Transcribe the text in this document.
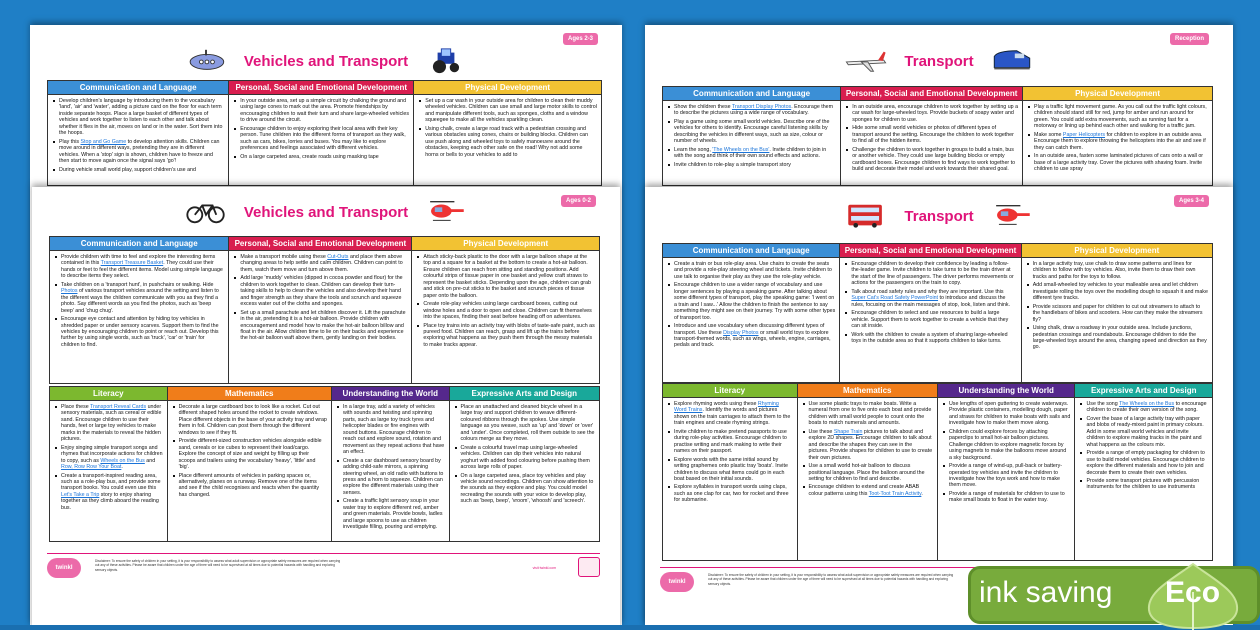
Ages 2-3
Vehicles and Transport
Communication and Language
Develop children's language by introducing them to the vocabulary 'land', 'air' and 'water', adding a picture card on the floor for each term inside separate hoops. Place a large basket of different types of vehicles and work together to listen to each other and talk about whether it flies in the air, moves on land or in the water. Sort them into the hoops.
Play this Stop and Go Game to develop attention skills. Children can move around in different ways, pretending they are in different vehicles. When a 'stop' sign is shown, children have to freeze and then start to move again once the signal says 'go'!
During vehicle small world play, support children's use and
Personal, Social and Emotional Development
In your outside area, set up a simple circuit by chalking the ground and using large cones to mark out the area. Promote friendships by encouraging children to wait their turn and share large-wheeled vehicles to drive around the circuit.
Encourage children to enjoy exploring their local area with their key person. Tune children into the different forms of transport as they walk, such as cars, bikes, lorries and buses. You may like to explore preferences and feelings associated with different vehicles.
On a large carpeted area, create roads using masking tape
Physical Development
Set up a car wash in your outside area for children to clean their muddy wheeled vehicles. Children can use small and large motor skills to control and manipulate different tools, such as sponges, cloths and a window squeegee to make all the vehicles sparkling clean.
Using chalk, create a large road track with a pedestrian crossing and various obstacles using cones, chairs or building blocks. Children can use push along and wheeled toys to safely manoeuvre around the obstacles, keeping each other safe on the road! Why not add some horns or bells to your vehicles to add to
Ages 0-2
Vehicles and Transport
Communication and Language
Provide children with time to feel and explore the interesting items contained in this Transport Treasure Basket. They could use their hands or feet to feel the different items. Model using simple language to describe items they select.
Take children on a 'transport hunt', in pushchairs or walking. Hide Photos of various transport vehicles around the setting and listen to the different ways the children communicate with you as they find a photo. Say different words as you find the photos, such as 'beep beep' and 'chug chug'.
Encourage eye contact and attention by hiding toy vehicles in shredded paper or under sensory scarves. Support them to find the vehicles by encouraging children to point or reach out. Develop this further by using single words, such as 'truck', 'car' or 'train' for children to find.
Personal, Social and Emotional Development
Make a transport mobile using these Cut-Outs and place them above changing areas to help settle and calm children. Children can point to them, watch them move and turn above them.
Add large 'muddy' vehicles (dipped in cocoa powder and flour) for the children to work together to clean. Children can develop their turn-taking skills to help to clean the vehicles and also develop their hand and finger strength as they share the tools and scrunch and squeeze excess water out of the cloths and sponges.
Set up a small parachute and let children discover it. Lift the parachute in the air, pretending it is a hot-air balloon. Provide children with encouragement and model how to make the hot-air balloon billow and float in the air. Allow children time to lie on their backs and experience the hot-air balloon waft above them, gently landing on their bodies.
Physical Development
Attach sticky-back plastic to the door with a large balloon shape at the top and a square for a basket at the bottom to create a hot-air balloon. Ensure children can reach from sitting and standing positions. Add colourful strips of tissue paper in one basket and yellow craft straws to represent the basket sticks. Depending upon the age, children can grab and stick on pre-cut sticks to the basket and scrunch pieces of tissue paper onto the balloon.
Create role-play vehicles using large cardboard boxes, cutting out window holes and a door to open and close. Children can fit themselves into the spaces, finding their seat before heading off on adventures.
Place toy trains into an activity tray with blobs of taste-safe paint, such as pureed food. Children can reach, grasp and lift up the trains before exploring what happens as they push them through the messy materials to make tracks appear.
Literacy
Place these Transport Reveal Cards under sensory materials, such as cereal or edible sand. Encourage children to use their hands, feet or large toy vehicles to make marks in the materials to reveal the hidden pictures.
Enjoy singing simple transport songs and rhymes that incorporate actions for children to copy, such as Wheels on the Bus and Row, Row Row Your Boat.
Create a transport-inspired reading area, such as a role-play bus, and provide some transport books. You could even use this Let's Take a Trip story to enjoy sharing together as they climb aboard the reading bus.
Mathematics
Decorate a large cardboard box to look like a rocket. Cut out different shaped holes around the rocket to create windows. Place different objects in the base of your activity tray and wrap them in foil. Children can post them through the different windows to see if they fit.
Provide different-sized construction vehicles alongside edible sand, cereals or ice cubes to represent their load/cargo. Explore the concept of size and weight by filling up their scoops and trailers using the vocabulary 'heavy', 'little' and 'big'.
Place different amounts of vehicles in parking spaces or, alternatively, planes on a runway. Remove one of the items and see if the child recognises and reacts when the quantity has changed.
Understanding the World
In a large tray, add a variety of vehicles with sounds and twisting and spinning parts, such as large toy truck tyres and helicopter blades or fire engines with sound buttons. Encourage children to reach out and explore sound, rotation and movement as they repeat actions that have an effect.
Create a car dashboard sensory board by adding child-safe mirrors, a spinning steering wheel, an old radio with buttons to press and a horn to squeeze. Children can explore the different materials using their senses.
Create a traffic light sensory soup in your water tray to explore different red, amber and green materials. Provide bowls, ladles and large spoons to use as children investigate filling, pouring and emptying.
Expressive Arts and Design
Place an unattached and cleaned bicycle wheel in a large tray and support children to weave different-coloured ribbons through the spokes. Use simple language as you weave, such as 'up' and 'down' or 'over' and 'under'. Once completed, roll them outside to see the colours merge as they move.
Create a colourful travel map using large-wheeled vehicles. Children can dip their vehicles into natural yoghurt with added food colouring before pushing them across large rolls of paper.
On a large carpeted area, place toy vehicles and play vehicle sound recordings. Children can show attention to the sounds as they explore and play. You could model recreating the sounds with your voice to develop play, such as 'beep, beep', 'vroom', 'whoosh' and 'screech'.
twinkl foundation
Disclaimer: To ensure the safety of children in your setting, it is your responsibility to assess what adult supervision or appropriate safety measures are required when carrying out any of these activities. Please be aware that children under the age of three will need to be supervised at all times due to potential hazards with handling and exploring sensory objects.	visit twinkl.com
Reception
Transport
Communication and Language
Show the children these Transport Display Photos. Encourage them to describe the pictures using a wide range of vocabulary.
Play a game using some small world vehicles. Describe one of the vehicles for others to identify. Encourage careful listening skills by describing the vehicles in different ways, such as size, colour or number of wheels.
Learn the song, 'The Wheels on the Bus'. Invite children to join in with the song and think of their own sound effects and actions.
Invite children to role-play a simple transport story
Personal, Social and Emotional Development
In an outside area, encourage children to work together by setting up a car wash for large-wheeled toys. Provide buckets of soapy water and sponges for children to use.
Hide some small world vehicles or photos of different types of transport around the setting. Encourage the children to work together to find all of the hidden items.
Challenge the children to work together in groups to build a train, bus or another vehicle. They could use large building blocks or empty cardboard boxes. Encourage children to find ways to work together to build and decorate their model and work towards their shared goal.
Physical Development
Play a traffic light movement game. As you call out the traffic light colours, children should stand still for red, jump for amber and run around for green. You could add extra movements, such as running fast for a motorway or lining up behind each other and walking for a traffic jam.
Make some Paper Helicopters for children to explore in an outside area. Encourage them to explore throwing the helicopters into the air and see if they can catch them.
In an outside area, fasten some laminated pictures of cars onto a wall or base of a large activity tray. Cover the pictures with shaving foam. Invite children to use spray
Ages 3-4
Transport
Communication and Language
Create a train or bus role-play area. Use chairs to create the seats and provide a role-play steering wheel and tickets. Invite children to use talk to organise their play as they use the role-play vehicle.
Encourage children to use a wider range of vocabulary and use longer sentences by playing a speaking game. After talking about some different types of transport, play the speaking game: 'I went on a train and I saw...' Allow the children to finish the sentence to say something they might see on their journey. Try with some other types of transport too.
Introduce and use vocabulary when discussing different types of transport. Use these Display Photos or small world toys to explore transport-themed words, such as wings, wheels, engine, carriages, pedals and track.
Personal, Social and Emotional Development
Encourage children to develop their confidence by leading a follow-the-leader game. Invite children to take turns to be the train driver at the start of the line of passengers. The driver performs movements or actions for the passengers on the train to copy.
Talk about road safety rules and why they are important. Use this Super Cat's Road Safety PowerPoint to introduce and discuss the rules, focusing on the main messages of stop, look, listen and think.
Encourage children to select and use resources to build a large vehicle. Support them to work together to create a vehicle that they can sit inside.
Work with the children to create a system of sharing large-wheeled toys in the outside area so that it supports children to take turns.
Physical Development
In a large activity tray, use chalk to draw some patterns and lines for children to follow with toy vehicles. Also, invite them to draw their own tracks and paths for the toys to follow.
Add small-wheeled toy vehicles to your malleable area and let children investigate rolling the toys over the modelling dough to squash it and make different tyre tracks.
Provide scissors and paper for children to cut out streamers to attach to the handlebars of bikes and scooters. How can they make the streamers fly?
Using chalk, draw a roadway in your outside area. Include junctions, pedestrian crossings and roundabouts. Encourage children to ride the large-wheeled toys around the area, changing speed and direction as they go.
Literacy
Explore rhyming words using these Rhyming Word Trains. Identify the words and pictures shown on the train carriages to attach them to the train engines and create rhyming strings.
Invite children to make pretend passports to use during role-play activities. Encourage children to practise writing and mark making to write their names on their passport.
Explore words with the same initial sound by writing graphemes onto plastic tray 'boats'. Invite children to discuss what items could go in each boat based on their initial sounds.
Explore syllables in transport words using claps, such as one clap for car, two for rocket and three for submarine.
Mathematics
Use some plastic trays to make boats. Write a numeral from one to five onto each boat and provide children with small world people to count onto the boats to match numerals and amounts.
Use these Shape Train pictures to talk about and explore 2D shapes. Encourage children to talk about and describe the shapes they can see in the pictures. Provide shapes for children to use to create their own pictures.
Use a small world hot-air balloon to discuss positional language. Place the balloon around the setting for children to find and describe.
Encourage children to extend and create ABAB colour patterns using this Toot-Toot Train Activity.
Understanding the World
Use lengths of open guttering to create waterways. Provide plastic containers, modelling dough, paper and straws for children to make boats with sails and investigate how to make them move along.
Children could explore forces by attaching paperclips to small hot-air balloon pictures. Challenge children to explore magnetic forces by using magnets to make the balloons move around a sky background.
Provide a range of wind-up, pull-back or battery-operated toy vehicles and invite the children to investigate how the toys work and how to make them move.
Provide a range of materials for children to use to make small boats to float in the water tray.
Expressive Arts and Design
Use the song The Wheels on the Bus to encourage children to create their own version of the song.
Cover the base of a large activity tray with paper and blobs of ready-mixed paint in primary colours. Add in some small world vehicles and invite children to explore making tracks in the paint and what happens as the colours mix.
Provide a range of empty packaging for children to use to build model vehicles. Encourage children to explore the different materials and how to join and decorate them to create their own vehicles.
Provide some transport pictures with percussion instruments for the children to use instruments
twinkl foundation
Disclaimer: To ensure the safety of children in your setting, it is your responsibility to assess what adult supervision or appropriate safety measures are required when carrying out any of these activities. Please be aware that children under the age of three will need to be supervised at all times due to potential hazards with handling and exploring sensory objects.	ink saving Eco
